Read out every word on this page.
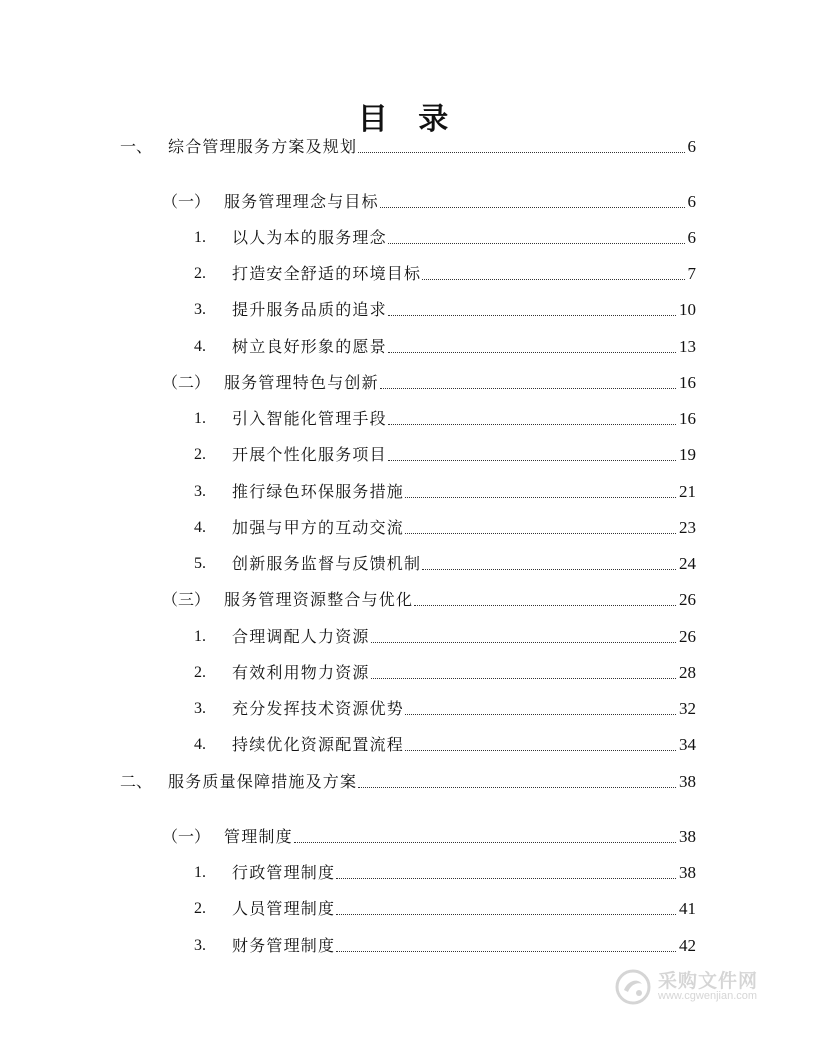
目 录
一、 综合管理服务方案及规划	6
（一） 服务管理理念与目标	6
1.	以人为本的服务理念	6
2.	打造安全舒适的环境目标	7
3.	提升服务品质的追求	10
4.	树立良好形象的愿景	13
（二） 服务管理特色与创新	16
1.	引入智能化管理手段	16
2.	开展个性化服务项目	19
3.	推行绿色环保服务措施	21
4.	加强与甲方的互动交流	23
5.	创新服务监督与反馈机制	24
（三） 服务管理资源整合与优化	26
1.	合理调配人力资源	26
2.	有效利用物力资源	28
3.	充分发挥技术资源优势	32
4.	持续优化资源配置流程	34
二、 服务质量保障措施及方案	38
（一） 管理制度	38
1.	行政管理制度	38
2.	人员管理制度	41
3.	财务管理制度	42
采购文件网
www.cgwenjian.com
